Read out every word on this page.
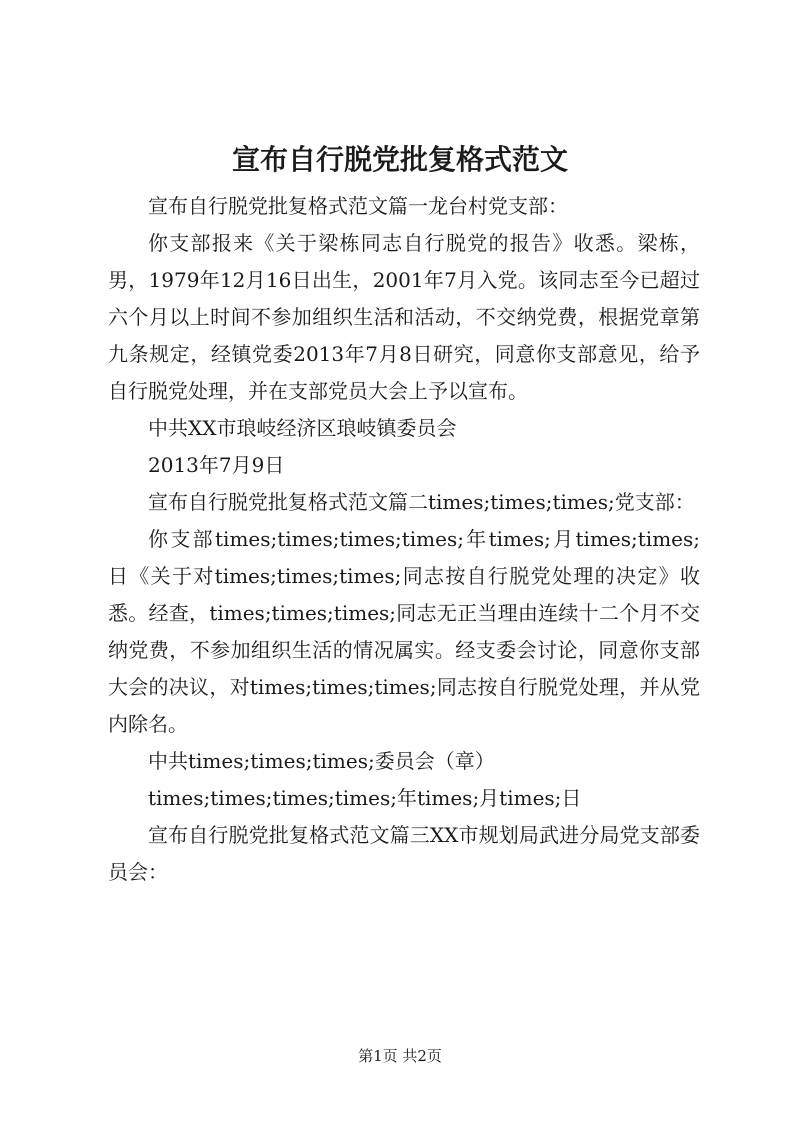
宣布自行脱党批复格式范文

宣布自行脱党批复格式范文篇一龙台村党支部：

你支部报来《关于梁栋同志自行脱党的报告》收悉。梁栋，男，1979年12月16日出生，2001年7月入党。该同志至今已超过六个月以上时间不参加组织生活和活动，不交纳党费，根据党章第九条规定，经镇党委2013年7月8日研究，同意你支部意见，给予自行脱党处理，并在支部党员大会上予以宣布。

中共XX市琅岐经济区琅岐镇委员会

2013年7月9日

宣布自行脱党批复格式范文篇二times;times;times;党支部：

你支部times;times;times;times;年times;月times;times;日《关于对times;times;times;同志按自行脱党处理的决定》收悉。经查，times;times;times;同志无正当理由连续十二个月不交纳党费，不参加组织生活的情况属实。经支委会讨论，同意你支部大会的决议，对times;times;times;同志按自行脱党处理，并从党内除名。

中共times;times;times;委员会（章）

times;times;times;times;年times;月times;日

宣布自行脱党批复格式范文篇三XX市规划局武进分局党支部委员会：

第1页 共2页
